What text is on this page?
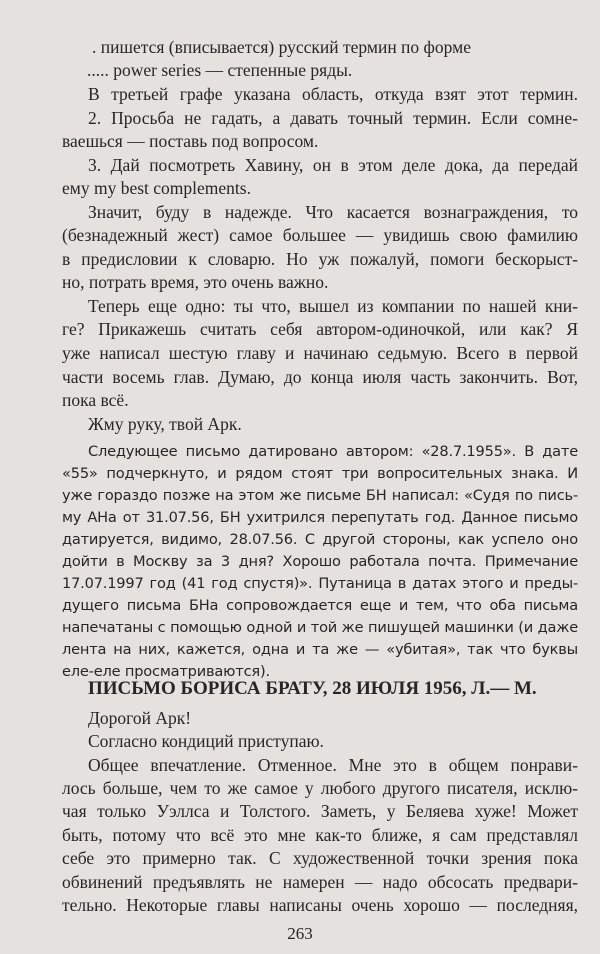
ПИСЬМО БОРИСА БРАТУ, 28 ИЮЛЯ 1956, Л.— М.
263
. пишется (вписывается) русский термин по форме
..... power series — степенные ряды.
В третьей графе указана область, откуда взят этот термин.
2. Просьба не гадать, а давать точный термин. Если сомне-
ваешься — поставь под вопросом.
3. Дай посмотреть Хавину, он в этом деле дока, да передай
ему my best complements.
Значит, буду в надежде. Что касается вознаграждения, то
(безнадежный жест) самое большее — увидишь свою фамилию
в предисловии к словарю. Но уж пожалуй, помоги бескорыст-
но, потрать время, это очень важно.
Теперь еще одно: ты что, вышел из компании по нашей кни-
ге? Прикажешь считать себя автором-одиночкой, или как? Я
уже написал шестую главу и начинаю седьмую. Всего в первой
части восемь глав. Думаю, до конца июля часть закончить. Вот,
пока всё.
Жму руку, твой Арк.
Следующее письмо датировано автором: «28.7.1955». В дате
«55» подчеркнуто, и рядом стоят три вопросительных знака. И
уже гораздо позже на этом же письме БН написал: «Судя по пись-
му АНа от 31.07.56, БН ухитрился перепутать год. Данное письмо
датируется, видимо, 28.07.56. С другой стороны, как успело оно
дойти в Москву за 3 дня? Хорошо работала почта. Примечание
17.07.1997 год (41 год спустя)». Путаница в датах этого и преды-
дущего письма БНа сопровождается еще и тем, что оба письма
напечатаны с помощью одной и той же пишущей машинки (и даже
лента на них, кажется, одна и та же — «убитая», так что буквы
еле-еле просматриваются).
Дорогой Арк!
Согласно кондиций приступаю.
Общее впечатление. Отменное. Мне это в общем понрави-
лось больше, чем то же самое у любого другого писателя, исклю-
чая только Уэллса и Толстого. Заметь, у Беляева хуже! Может
быть, потому что всё это мне как-то ближе, я сам представлял
себе это примерно так. С художественной точки зрения пока
обвинений предъявлять не намерен — надо обсосать предвари-
тельно. Некоторые главы написаны очень хорошо — последняя,
